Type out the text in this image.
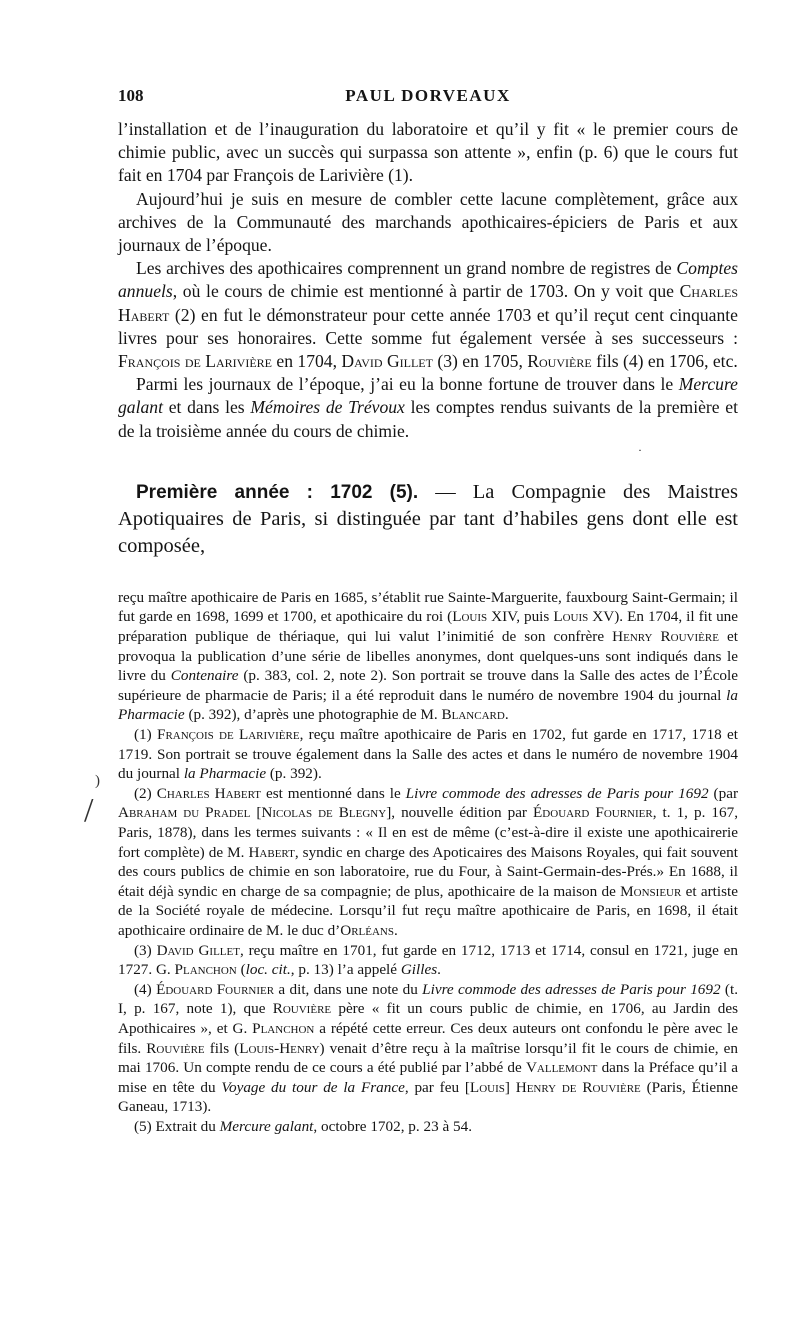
)
/
108	PAUL DORVEAUX

l’installation et de l’inauguration du laboratoire et qu’il y fit « le premier cours de chimie public, avec un succès qui surpassa son attente », enfin (p. 6) que le cours fut fait en 1704 par François de Larivière (1).

Aujourd’hui je suis en mesure de combler cette lacune complètement, grâce aux archives de la Communauté des marchands apothicaires-épiciers de Paris et aux journaux de l’époque.

Les archives des apothicaires comprennent un grand nombre de registres de Comptes annuels, où le cours de chimie est mentionné à partir de 1703. On y voit que Charles Habert (2) en fut le démonstrateur pour cette année 1703 et qu’il reçut cent cinquante livres pour ses honoraires. Cette somme fut également versée à ses successeurs : François de Larivière en 1704, David Gillet (3) en 1705, Rouvière fils (4) en 1706, etc.

Parmi les journaux de l’époque, j’ai eu la bonne fortune de trouver dans le Mercure galant et dans les Mémoires de Trévoux les comptes rendus suivants de la première et de la troisième année du cours de chimie.

·

Première année : 1702 (5). — La Compagnie des Maistres Apotiquaires de Paris, si distinguée par tant d’habiles gens dont elle est composée,

reçu maître apothicaire de Paris en 1685, s’établit rue Sainte-Marguerite, fauxbourg Saint-Germain; il fut garde en 1698, 1699 et 1700, et apothicaire du roi (Louis XIV, puis Louis XV). En 1704, il fit une préparation publique de thériaque, qui lui valut l’inimitié de son confrère Henry Rouvière et provoqua la publication d’une série de libelles anonymes, dont quelques-uns sont indiqués dans le livre du Contenaire (p. 383, col. 2, note 2). Son portrait se trouve dans la Salle des actes de l’École supérieure de pharmacie de Paris; il a été reproduit dans le numéro de novembre 1904 du journal la Pharmacie (p. 392), d’après une photographie de M. Blancard.

(1) François de Larivière, reçu maître apothicaire de Paris en 1702, fut garde en 1717, 1718 et 1719. Son portrait se trouve également dans la Salle des actes et dans le numéro de novembre 1904 du journal la Pharmacie (p. 392).

(2) Charles Habert est mentionné dans le Livre commode des adresses de Paris pour 1692 (par Abraham du Pradel [Nicolas de Blegny], nouvelle édition par Édouard Fournier, t. 1, p. 167, Paris, 1878), dans les termes suivants : « Il en est de même (c’est-à-dire il existe une apothicairerie fort complète) de M. Habert, syndic en charge des Apoticaires des Maisons Royales, qui fait souvent des cours publics de chimie en son laboratoire, rue du Four, à Saint-Germain-des-Prés.» En 1688, il était déjà syndic en charge de sa compagnie; de plus, apothicaire de la maison de Monsieur et artiste de la Société royale de médecine. Lorsqu’il fut reçu maître apothicaire de Paris, en 1698, il était apothicaire ordinaire de M. le duc d’Orléans.

(3) David Gillet, reçu maître en 1701, fut garde en 1712, 1713 et 1714, consul en 1721, juge en 1727. G. Planchon (loc. cit., p. 13) l’a appelé Gilles.

(4) Édouard Fournier a dit, dans une note du Livre commode des adresses de Paris pour 1692 (t. I, p. 167, note 1), que Rouvière père « fit un cours public de chimie, en 1706, au Jardin des Apothicaires », et G. Planchon a répété cette erreur. Ces deux auteurs ont confondu le père avec le fils. Rouvière fils (Louis-Henry) venait d’être reçu à la maîtrise lorsqu’il fit le cours de chimie, en mai 1706. Un compte rendu de ce cours a été publié par l’abbé de Vallemont dans la Préface qu’il a mise en tête du Voyage du tour de la France, par feu [Louis] Henry de Rouvière (Paris, Étienne Ganeau, 1713).

(5) Extrait du Mercure galant, octobre 1702, p. 23 à 54.
